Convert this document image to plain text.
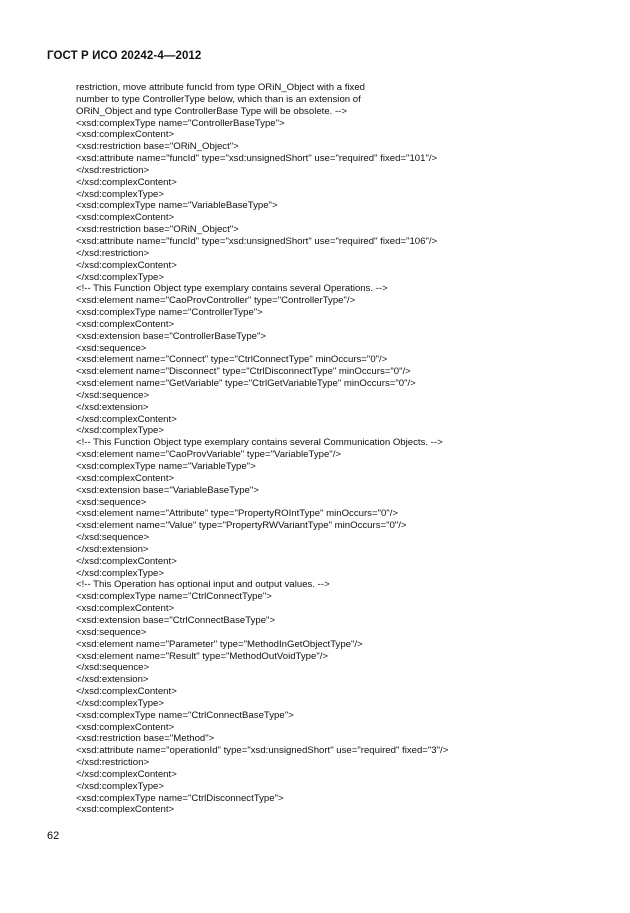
ГОСТ Р ИСО 20242-4—2012
restriction, move attribute funcId from type ORiN_Object with a fixed
number to type ControllerType below, which than is an extension of
ORiN_Object and type ControllerBase Type will be obsolete. -->
<xsd:complexType name="ControllerBaseType">
<xsd:complexContent>
<xsd:restriction base="ORiN_Object">
<xsd:attribute name="funcId" type="xsd:unsignedShort" use="required" fixed="101"/>
</xsd:restriction>
</xsd:complexContent>
</xsd:complexType>
<xsd:complexType name="VariableBaseType">
<xsd:complexContent>
<xsd:restriction base="ORiN_Object">
<xsd:attribute name="funcId" type="xsd:unsignedShort" use="required" fixed="106"/>
</xsd:restriction>
</xsd:complexContent>
</xsd:complexType>
<!-- This Function Object type exemplary contains several Operations. -->
<xsd:element name="CaoProvController" type="ControllerType"/>
<xsd:complexType name="ControllerType">
<xsd:complexContent>
<xsd:extension base="ControllerBaseType">
<xsd:sequence>
<xsd:element name="Connect" type="CtrlConnectType" minOccurs="0"/>
<xsd:element name="Disconnect" type="CtrlDisconnectType" minOccurs="0"/>
<xsd:element name="GetVariable" type="CtrlGetVariableType" minOccurs="0"/>
</xsd:sequence>
</xsd:extension>
</xsd:complexContent>
</xsd:complexType>
<!-- This Function Object type exemplary contains several Communication Objects. -->
<xsd:element name="CaoProvVariable" type="VariableType"/>
<xsd:complexType name="VariableType">
<xsd:complexContent>
<xsd:extension base="VariableBaseType">
<xsd:sequence>
<xsd:element name="Attribute" type="PropertyROIntType" minOccurs="0"/>
<xsd:element name="Value" type="PropertyRWVariantType" minOccurs="0"/>
</xsd:sequence>
</xsd:extension>
</xsd:complexContent>
</xsd:complexType>
<!-- This Operation has optional input and output values. -->
<xsd:complexType name="CtrlConnectType">
<xsd:complexContent>
<xsd:extension base="CtrlConnectBaseType">
<xsd:sequence>
<xsd:element name="Parameter" type="MethodInGetObjectType"/>
<xsd:element name="Result" type="MethodOutVoidType"/>
</xsd:sequence>
</xsd:extension>
</xsd:complexContent>
</xsd:complexType>
<xsd:complexType name="CtrlConnectBaseType">
<xsd:complexContent>
<xsd:restriction base="Method">
<xsd:attribute name="operationId" type="xsd:unsignedShort" use="required" fixed="3"/>
</xsd:restriction>
</xsd:complexContent>
</xsd:complexType>
<xsd:complexType name="CtrlDisconnectType">
<xsd:complexContent>
62
